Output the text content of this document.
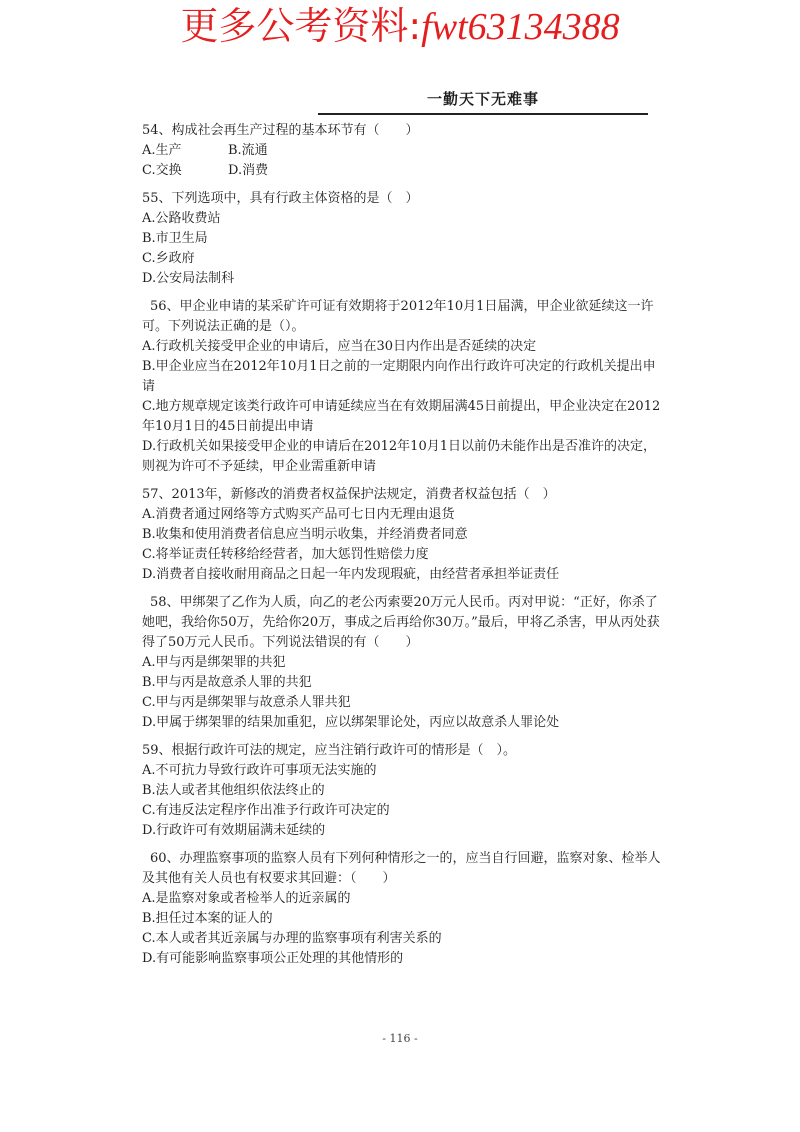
更多公考资料:fwt63134388
一勤天下无难事
54、构成社会再生产过程的基本环节有（　　）
A.生产	B.流通
C.交换	D.消费
55、下列选项中，具有行政主体资格的是（　）
A.公路收费站
B.市卫生局
C.乡政府
D.公安局法制科
56、甲企业申请的某采矿许可证有效期将于2012年10月1日届满，甲企业欲延续这一许可。下列说法正确的是（）。
A.行政机关接受甲企业的申请后，应当在30日内作出是否延续的决定
B.甲企业应当在2012年10月1日之前的一定期限内向作出行政许可决定的行政机关提出申请
C.地方规章规定该类行政许可申请延续应当在有效期届满45日前提出，甲企业决定在2012年10月1日的45日前提出申请
D.行政机关如果接受甲企业的申请后在2012年10月1日以前仍未能作出是否准许的决定，则视为许可不予延续，甲企业需重新申请
57、2013年，新修改的消费者权益保护法规定，消费者权益包括（　）
A.消费者通过网络等方式购买产品可七日内无理由退货
B.收集和使用消费者信息应当明示收集，并经消费者同意
C.将举证责任转移给经营者，加大惩罚性赔偿力度
D.消费者自接收耐用商品之日起一年内发现瑕疵，由经营者承担举证责任
58、甲绑架了乙作为人质，向乙的老公丙索要20万元人民币。丙对甲说：“正好，你杀了她吧，我给你50万，先给你20万，事成之后再给你30万。”最后，甲将乙杀害，甲从丙处获得了50万元人民币。下列说法错误的有（　　）
A.甲与丙是绑架罪的共犯
B.甲与丙是故意杀人罪的共犯
C.甲与丙是绑架罪与故意杀人罪共犯
D.甲属于绑架罪的结果加重犯，应以绑架罪论处，丙应以故意杀人罪论处
59、根据行政许可法的规定，应当注销行政许可的情形是（　）。
A.不可抗力导致行政许可事项无法实施的
B.法人或者其他组织依法终止的
C.有违反法定程序作出准予行政许可决定的
D.行政许可有效期届满未延续的
60、办理监察事项的监察人员有下列何种情形之一的，应当自行回避，监察对象、检举人及其他有关人员也有权要求其回避：（　　）
A.是监察对象或者检举人的近亲属的
B.担任过本案的证人的
C.本人或者其近亲属与办理的监察事项有利害关系的
D.有可能影响监察事项公正处理的其他情形的
- 116 -
